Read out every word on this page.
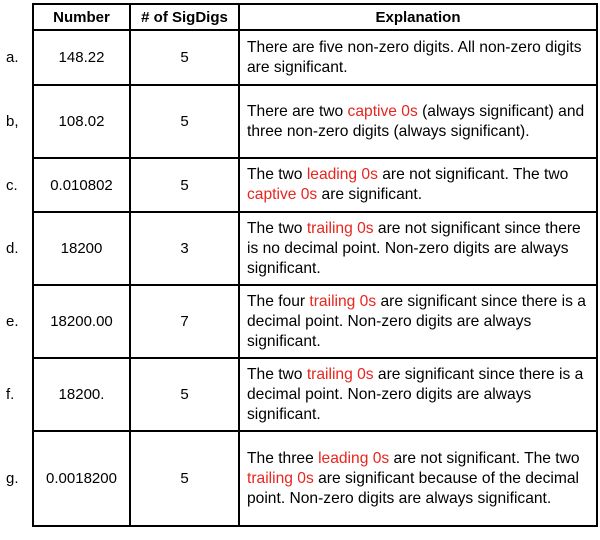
	Number	# of SigDigs	Explanation
a.	148.22	5	There are five non-zero digits. All non-zero digits are significant.
b,	108.02	5	There are two captive 0s (always significant) and three non-zero digits (always significant).
c.	0.010802	5	The two leading 0s are not significant. The two captive 0s are significant.
d.	18200	3	The two trailing 0s are not significant since there is no decimal point. Non-zero digits are always significant.
e.	18200.00	7	The four trailing 0s are significant since there is a decimal point. Non-zero digits are always significant.
f.	18200.	5	The two trailing 0s are significant since there is a decimal point. Non-zero digits are always significant.
g.	0.0018200	5	The three leading 0s are not significant. The two trailing 0s are significant because of the decimal point. Non-zero digits are always significant.
